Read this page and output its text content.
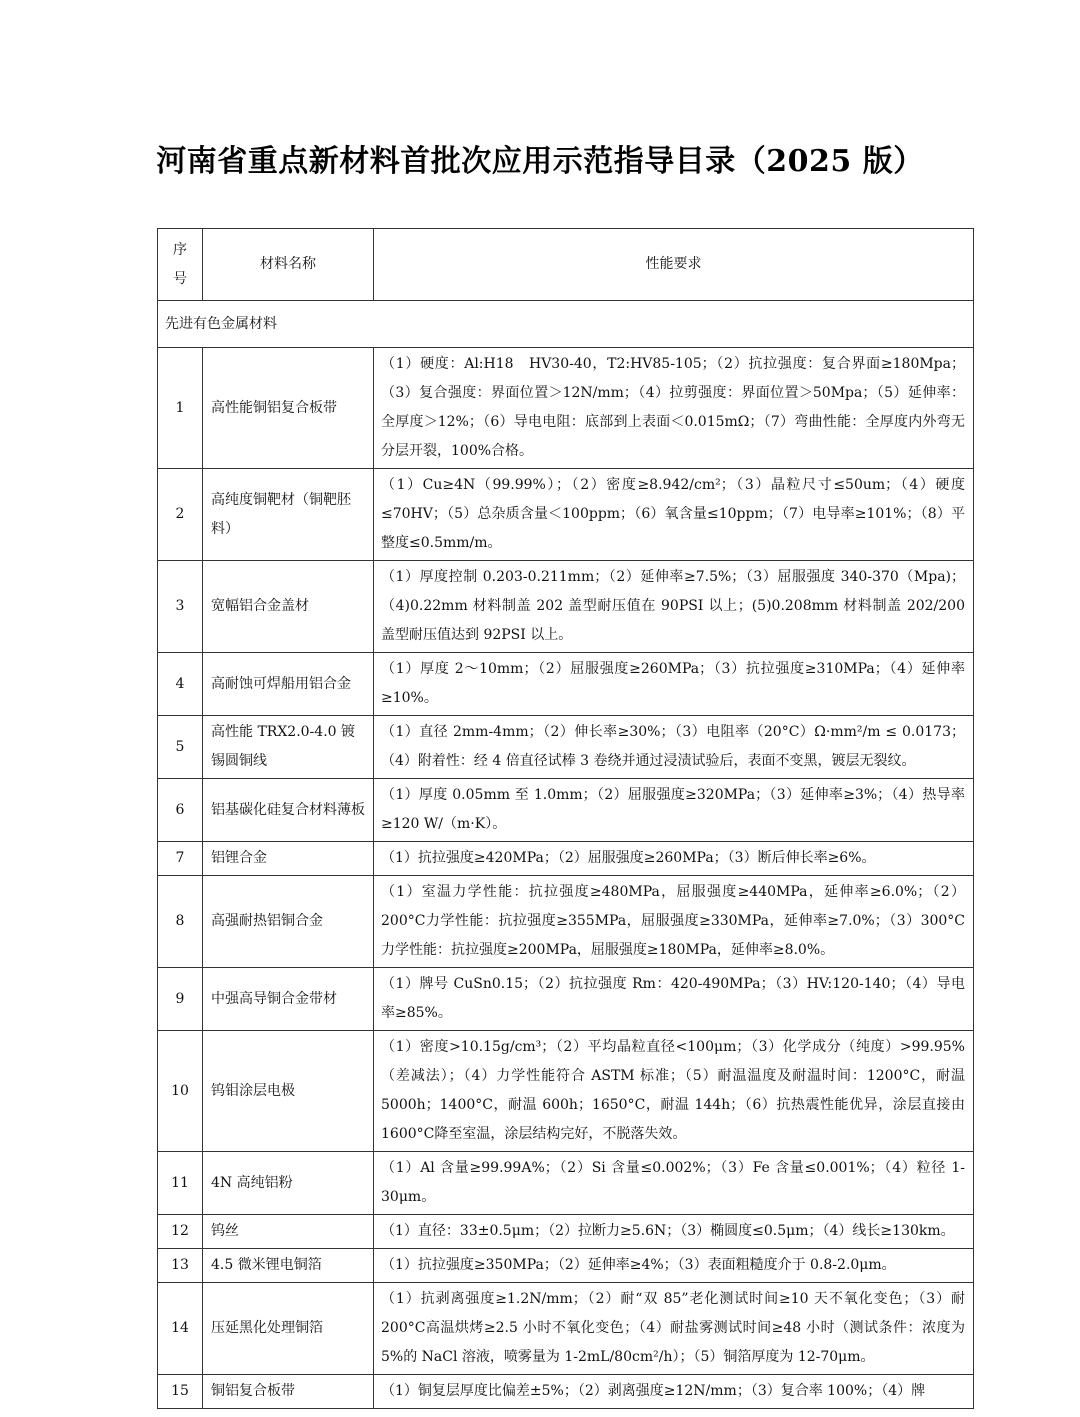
河南省重点新材料首批次应用示范指导目录（2025 版）
序
号	材料名称	性能要求
先进有色金属材料		
1	高性能铜铝复合板带	（1）硬度：Al:H18　HV30-40，T2:HV85-105；（2）抗拉强度：复合界面≥180Mpa；（3）复合强度：界面位置＞12N/mm；（4）拉剪强度：界面位置＞50Mpa；（5）延伸率：全厚度＞12%；（6）导电电阻：底部到上表面＜0.015mΩ；（7）弯曲性能：全厚度内外弯无分层开裂，100%合格。
2	高纯度铜靶材（铜靶胚料）	（1）Cu≥4N（99.99%）；（2）密度≥8.942/cm²；（3）晶粒尺寸≤50um；（4）硬度≤70HV；（5）总杂质含量＜100ppm；（6）氧含量≤10ppm；（7）电导率≥101%；（8）平整度≤0.5mm/m。
3	宽幅铝合金盖材	（1）厚度控制 0.203-0.211mm；（2）延伸率≥7.5%；（3）屈服强度 340-370（Mpa)；（4)0.22mm 材料制盖 202 盖型耐压值在 90PSI 以上；(5)0.208mm 材料制盖 202/200 盖型耐压值达到 92PSI 以上。
4	高耐蚀可焊船用铝合金	（1）厚度 2～10mm；（2）屈服强度≥260MPa；（3）抗拉强度≥310MPa；（4）延伸率≥10%。
5	高性能 TRX2.0-4.0 镀锡圆铜线	（1）直径 2mm-4mm；（2）伸长率≥30%；（3）电阻率（20°C）Ω·mm²/m ≤ 0.0173；（4）附着性：经 4 倍直径试棒 3 卷绕并通过浸渍试验后，表面不变黑，镀层无裂纹。
6	铝基碳化硅复合材料薄板	（1）厚度 0.05mm 至 1.0mm；（2）屈服强度≥320MPa；（3）延伸率≥3%；（4）热导率≥120 W/（m·K）。
7	铝锂合金	（1）抗拉强度≥420MPa；（2）屈服强度≥260MPa；（3）断后伸长率≥6%。
8	高强耐热铝铜合金	（1）室温力学性能：抗拉强度≥480MPa，屈服强度≥440MPa，延伸率≥6.0%；（2）200°C力学性能：抗拉强度≥355MPa，屈服强度≥330MPa，延伸率≥7.0%；（3）300°C力学性能：抗拉强度≥200MPa，屈服强度≥180MPa，延伸率≥8.0%。
9	中强高导铜合金带材	（1）牌号 CuSn0.15；（2）抗拉强度 Rm：420-490MPa；（3）HV:120-140；（4）导电率≥85%。
10	钨钼涂层电极	（1）密度>10.15g/cm³；（2）平均晶粒直径<100μm；（3）化学成分（纯度）>99.95%（差减法）；（4）力学性能符合 ASTM 标准；（5）耐温温度及耐温时间：1200°C，耐温 5000h；1400°C，耐温 600h；1650°C，耐温 144h；（6）抗热震性能优异，涂层直接由 1600°C降至室温，涂层结构完好，不脱落失效。
11	4N 高纯铝粉	（1）Al 含量≥99.99A%；（2）Si 含量≤0.002%；（3）Fe 含量≤0.001%；（4）粒径 1-30μm。
12	钨丝	（1）直径：33±0.5μm；（2）拉断力≥5.6N；（3）椭圆度≤0.5μm；（4）线长≥130km。
13	4.5 微米锂电铜箔	（1）抗拉强度≥350MPa；（2）延伸率≥4%；（3）表面粗糙度介于 0.8-2.0μm。
14	压延黑化处理铜箔	（1）抗剥离强度≥1.2N/mm；（2）耐“双 85”老化测试时间≥10 天不氧化变色；（3）耐 200°C高温烘烤≥2.5 小时不氧化变色；（4）耐盐雾测试时间≥48 小时（测试条件：浓度为 5%的 NaCl 溶液，喷雾量为 1-2mL/80cm²/h）；（5）铜箔厚度为 12-70μm。
15	铜铝复合板带	（1）铜复层厚度比偏差±5%；（2）剥离强度≥12N/mm；（3）复合率 100%；（4）牌
